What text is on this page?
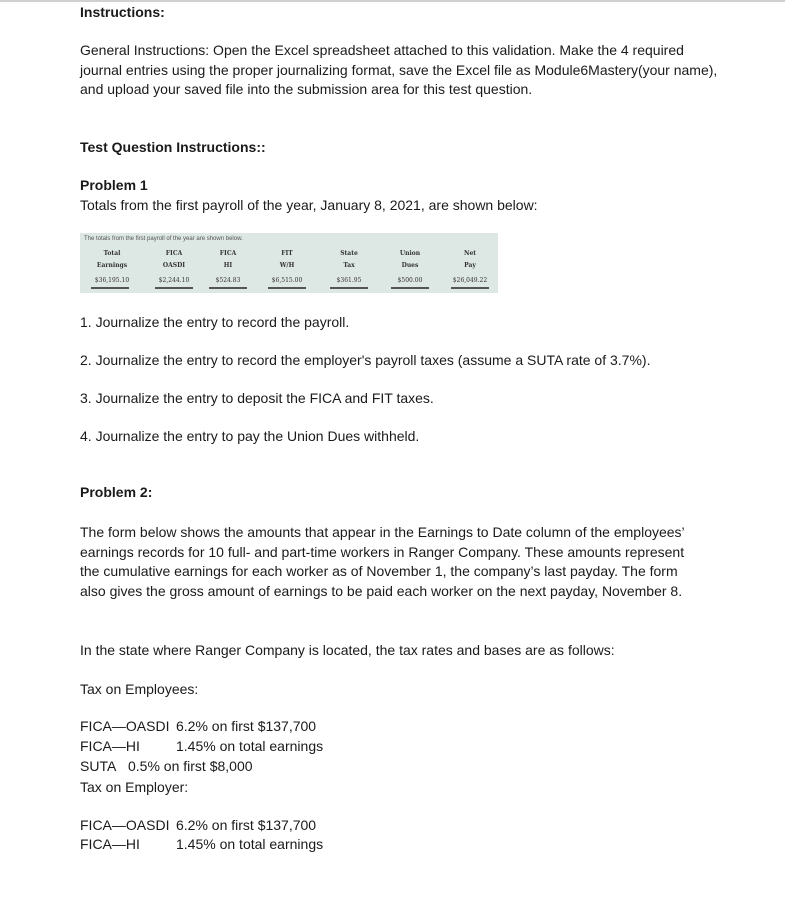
Instructions:
General Instructions: Open the Excel spreadsheet attached to this validation. Make the 4 required journal entries using the proper journalizing format, save the Excel file as Module6Mastery(your name), and upload your saved file into the submission area for this test question.
Test Question Instructions::
Problem 1
Totals from the first payroll of the year, January 8, 2021, are shown below:
The totals from the first payroll of the year are shown below.
Total
Earnings
$36,195.10
FICA
OASDI
$2,244.10
FICA
HI
$524.83
FIT
W/H
$6,515.00
State
Tax
$361.95
Union
Dues
$500.00
Net
Pay
$26,049.22
1. Journalize the entry to record the payroll.
2. Journalize the entry to record the employer's payroll taxes (assume a SUTA rate of 3.7%).
3. Journalize the entry to deposit the FICA and FIT taxes.
4. Journalize the entry to pay the Union Dues withheld.
Problem 2:
The form below shows the amounts that appear in the Earnings to Date column of the employees’ earnings records for 10 full- and part-time workers in Ranger Company. These amounts represent the cumulative earnings for each worker as of November 1, the company’s last payday. The form also gives the gross amount of earnings to be paid each worker on the next payday, November 8.
In the state where Ranger Company is located, the tax rates and bases are as follows:
Tax on Employees:
FICA—OASDI 6.2% on first $137,700
FICA—HI	1.45% on total earnings
SUTA 0.5% on first $8,000
Tax on Employer:
FICA—OASDI 6.2% on first $137,700
FICA—HI	1.45% on total earnings
